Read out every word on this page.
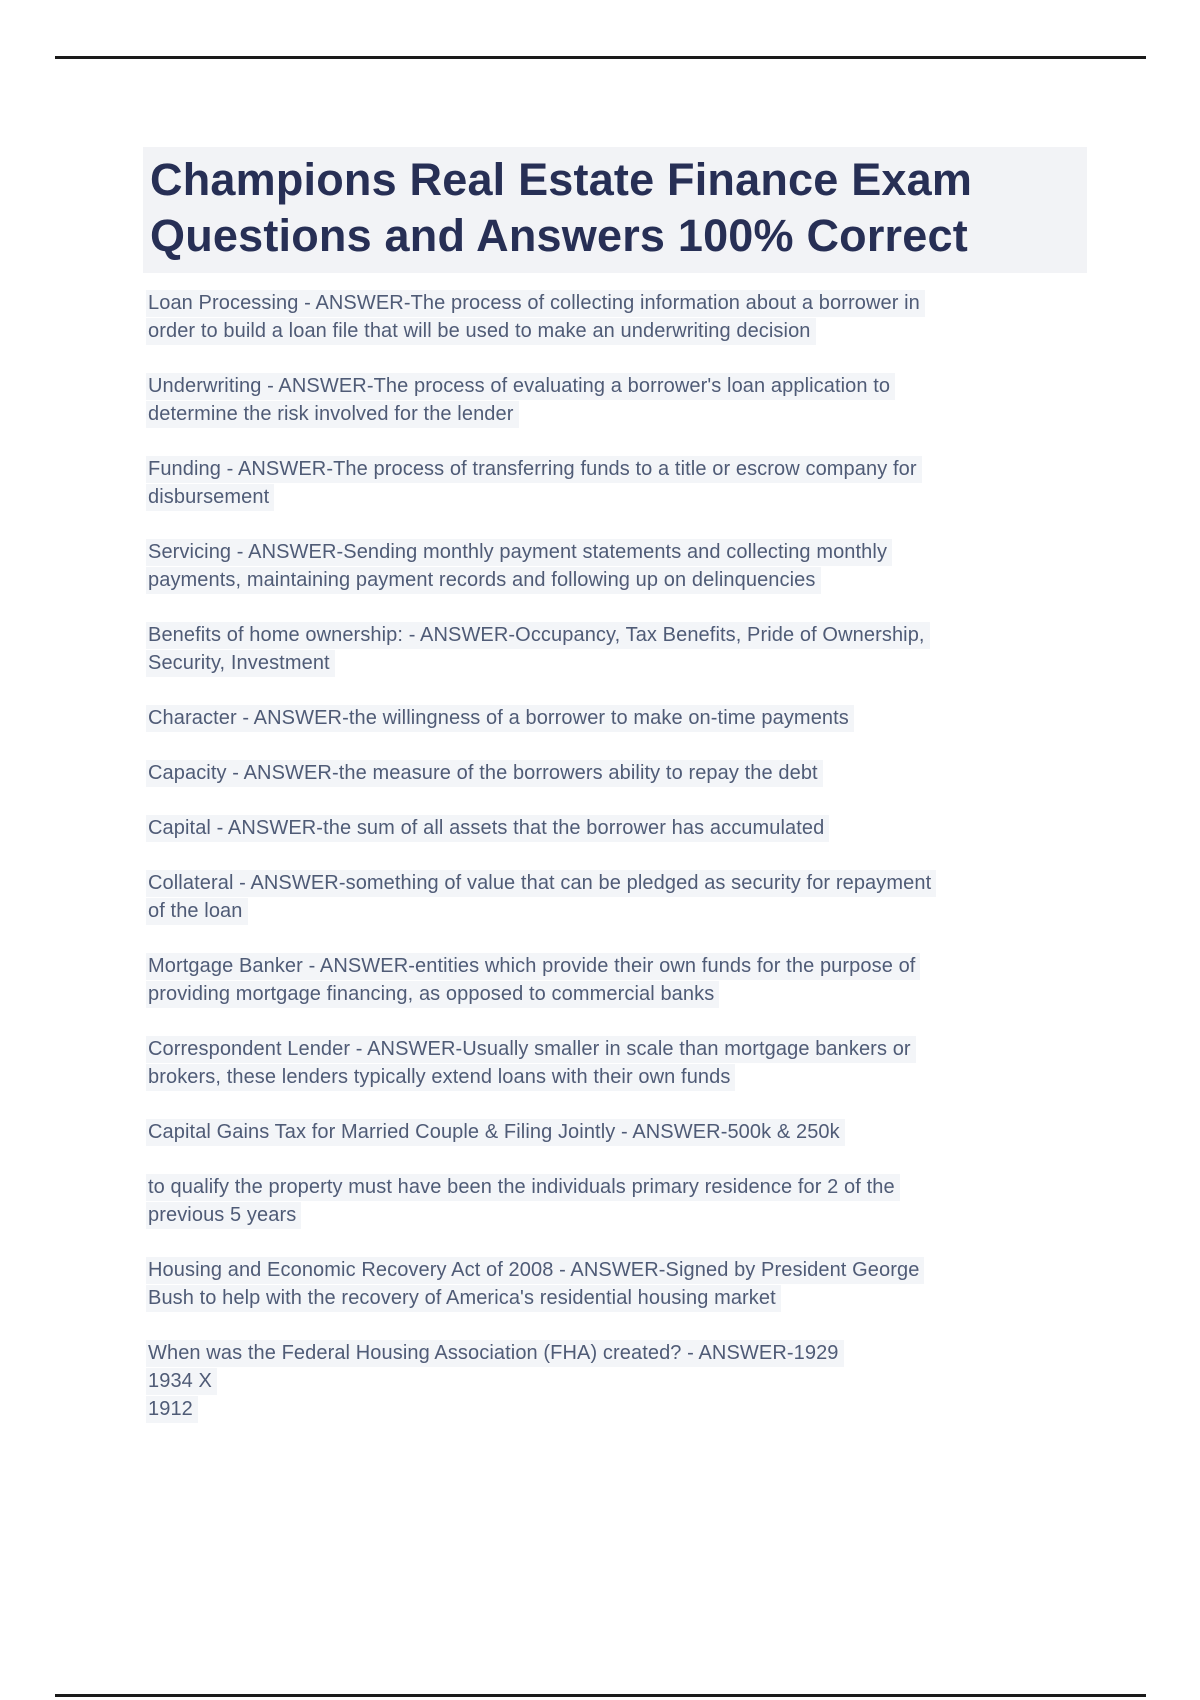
Champions Real Estate Finance Exam
Questions and Answers 100% Correct

Loan Processing - ANSWER-The process of collecting information about a borrower in
order to build a loan file that will be used to make an underwriting decision

Underwriting - ANSWER-The process of evaluating a borrower's loan application to
determine the risk involved for the lender

Funding - ANSWER-The process of transferring funds to a title or escrow company for
disbursement

Servicing - ANSWER-Sending monthly payment statements and collecting monthly
payments, maintaining payment records and following up on delinquencies

Benefits of home ownership: - ANSWER-Occupancy, Tax Benefits, Pride of Ownership,
Security, Investment

Character - ANSWER-the willingness of a borrower to make on-time payments

Capacity - ANSWER-the measure of the borrowers ability to repay the debt

Capital - ANSWER-the sum of all assets that the borrower has accumulated

Collateral - ANSWER-something of value that can be pledged as security for repayment
of the loan

Mortgage Banker - ANSWER-entities which provide their own funds for the purpose of
providing mortgage financing, as opposed to commercial banks

Correspondent Lender - ANSWER-Usually smaller in scale than mortgage bankers or
brokers, these lenders typically extend loans with their own funds

Capital Gains Tax for Married Couple & Filing Jointly - ANSWER-500k & 250k

to qualify the property must have been the individuals primary residence for 2 of the
previous 5 years

Housing and Economic Recovery Act of 2008 - ANSWER-Signed by President George
Bush to help with the recovery of America's residential housing market

When was the Federal Housing Association (FHA) created? - ANSWER-1929
1934 X
1912
